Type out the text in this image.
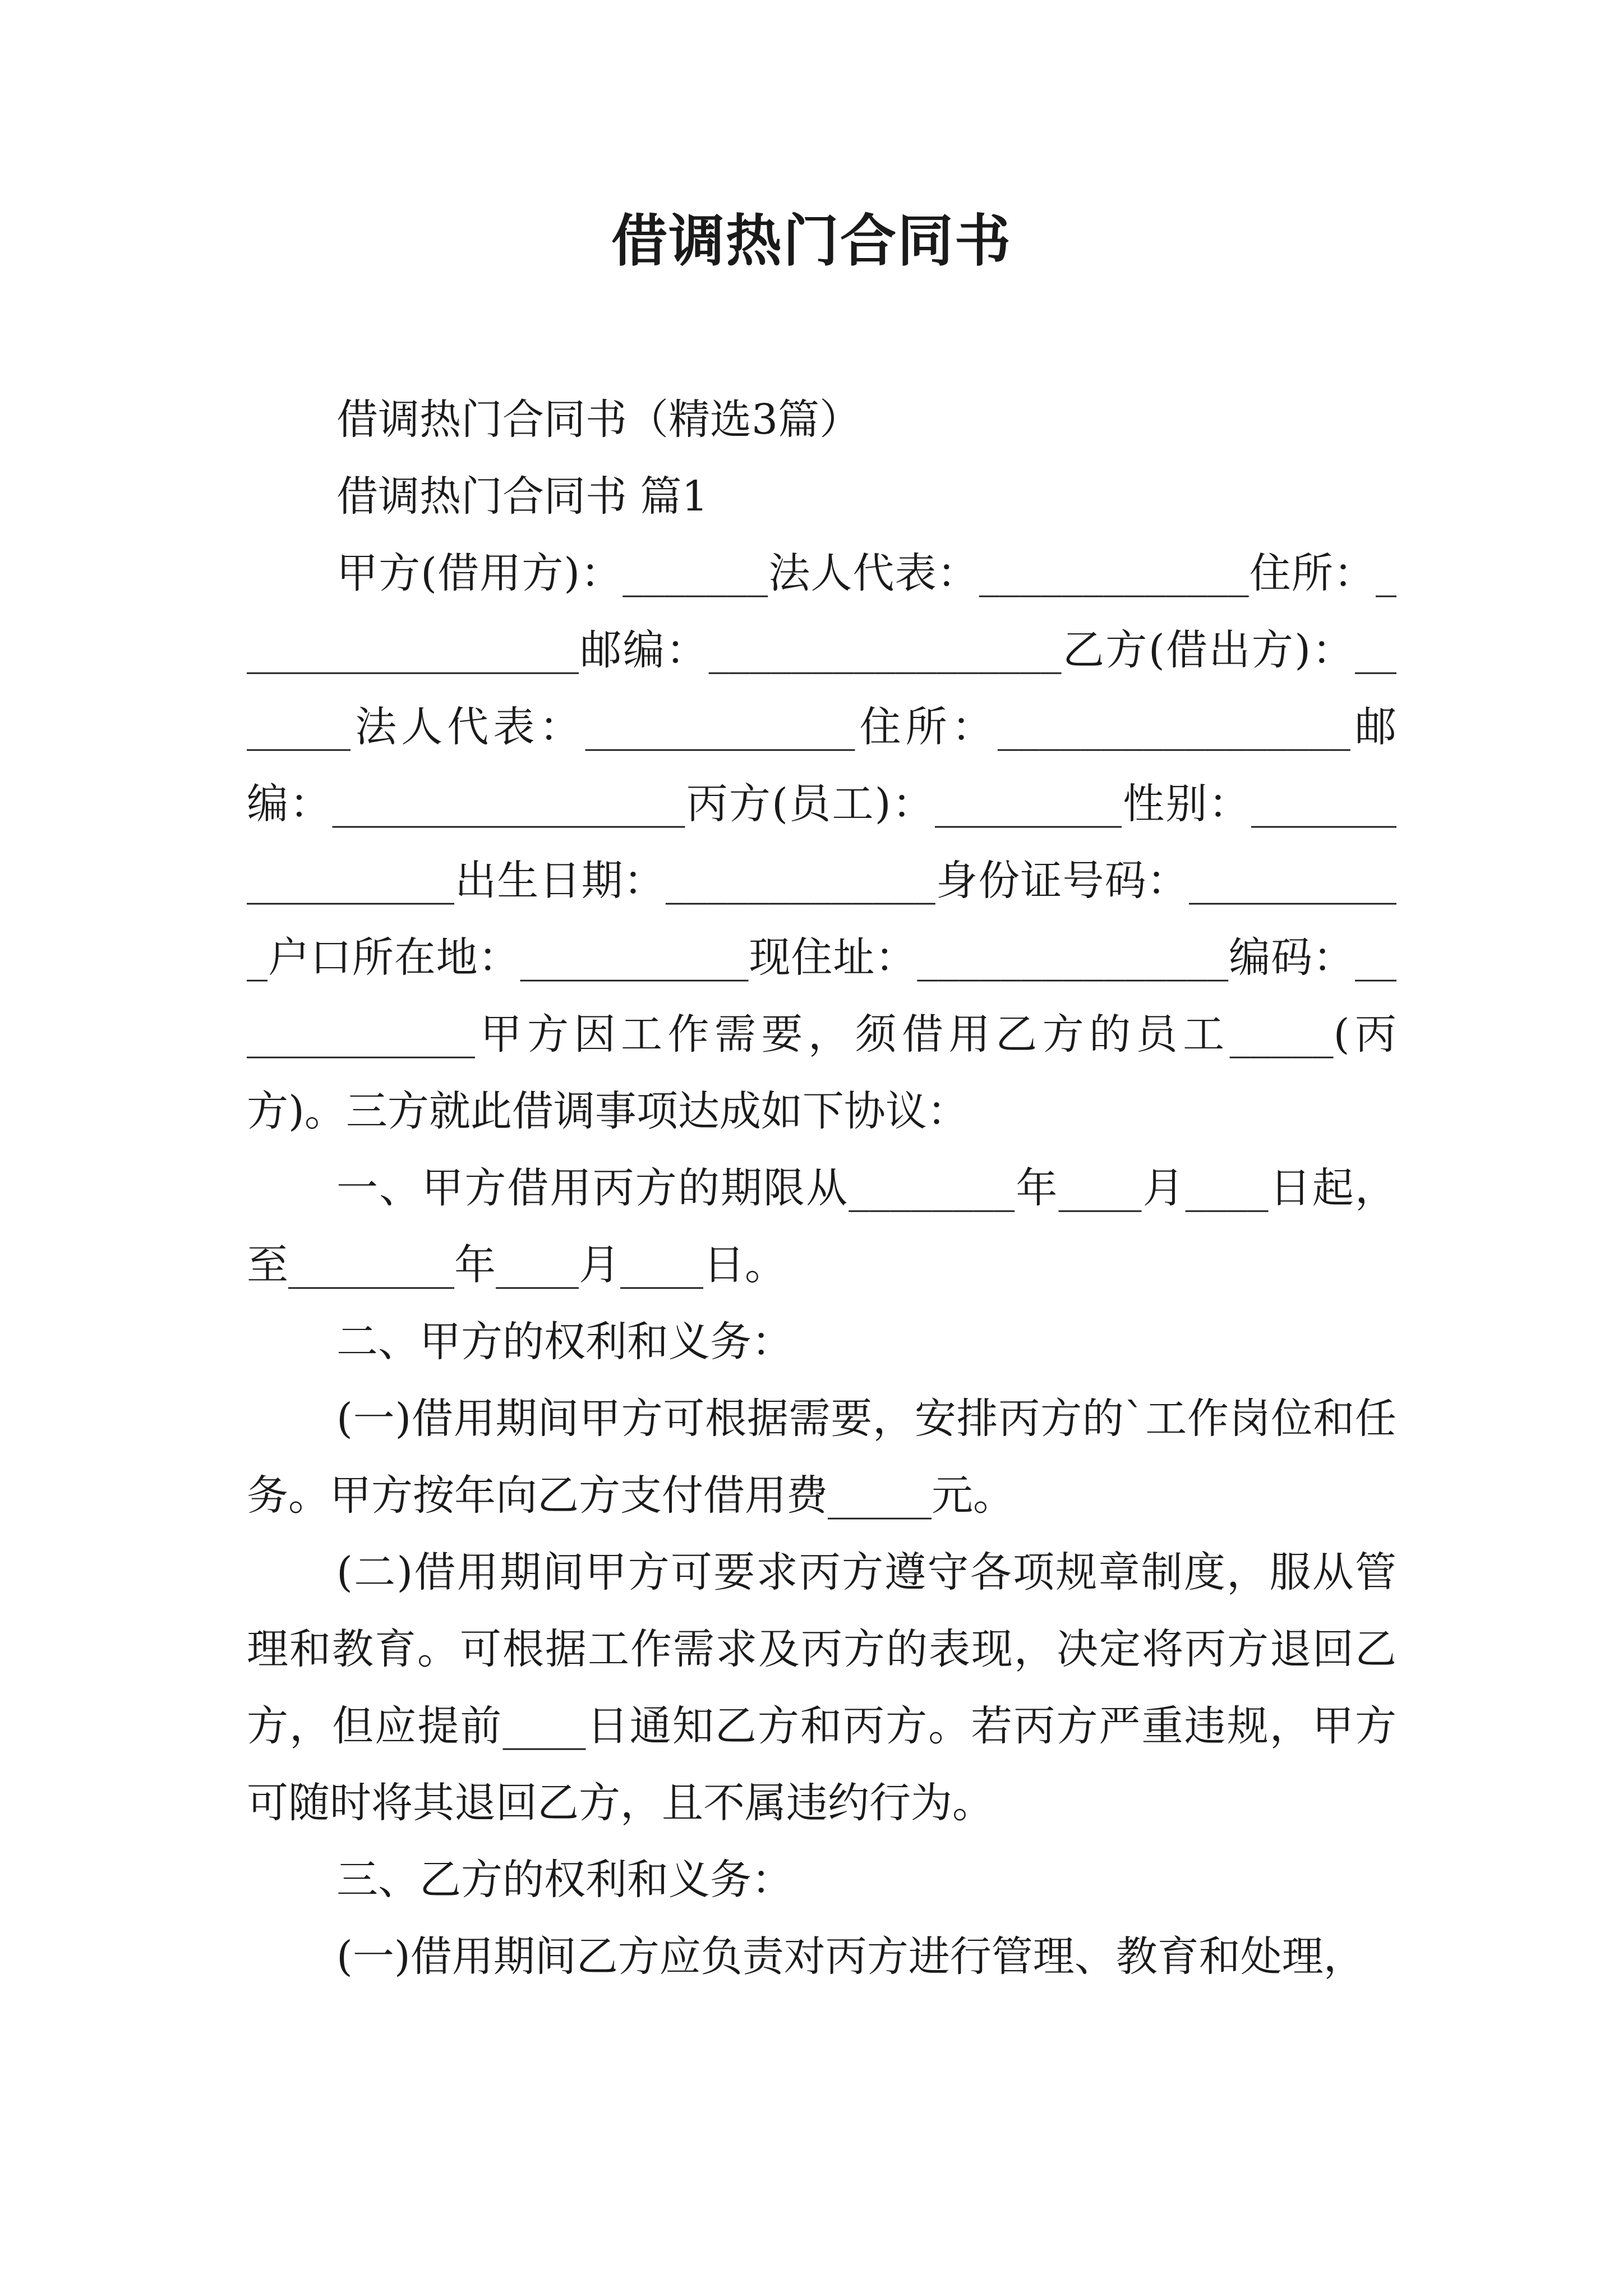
借调热门合同书

借调热门合同书（精选3篇）

借调热门合同书 篇1

甲方(借用方)：_______法人代表：_____________住所：_________________邮编：_________________乙方(借出方)：_______法人代表：_____________住所：_________________邮编：_________________丙方(员工)：_________性别：_________________出生日期：_____________身份证号码：___________户口所在地：___________现住址：_______________编码：_____________甲方因工作需要，须借用乙方的员工_____(丙方)。三方就此借调事项达成如下协议：

一、甲方借用丙方的期限从________年____月____日起，至________年____月____日。

二、甲方的权利和义务：

(一)借用期间甲方可根据需要，安排丙方的`工作岗位和任务。甲方按年向乙方支付借用费_____元。

(二)借用期间甲方可要求丙方遵守各项规章制度，服从管理和教育。可根据工作需求及丙方的表现，决定将丙方退回乙方，但应提前____日通知乙方和丙方。若丙方严重违规，甲方可随时将其退回乙方，且不属违约行为。

三、乙方的权利和义务：

(一)借用期间乙方应负责对丙方进行管理、教育和处理，
